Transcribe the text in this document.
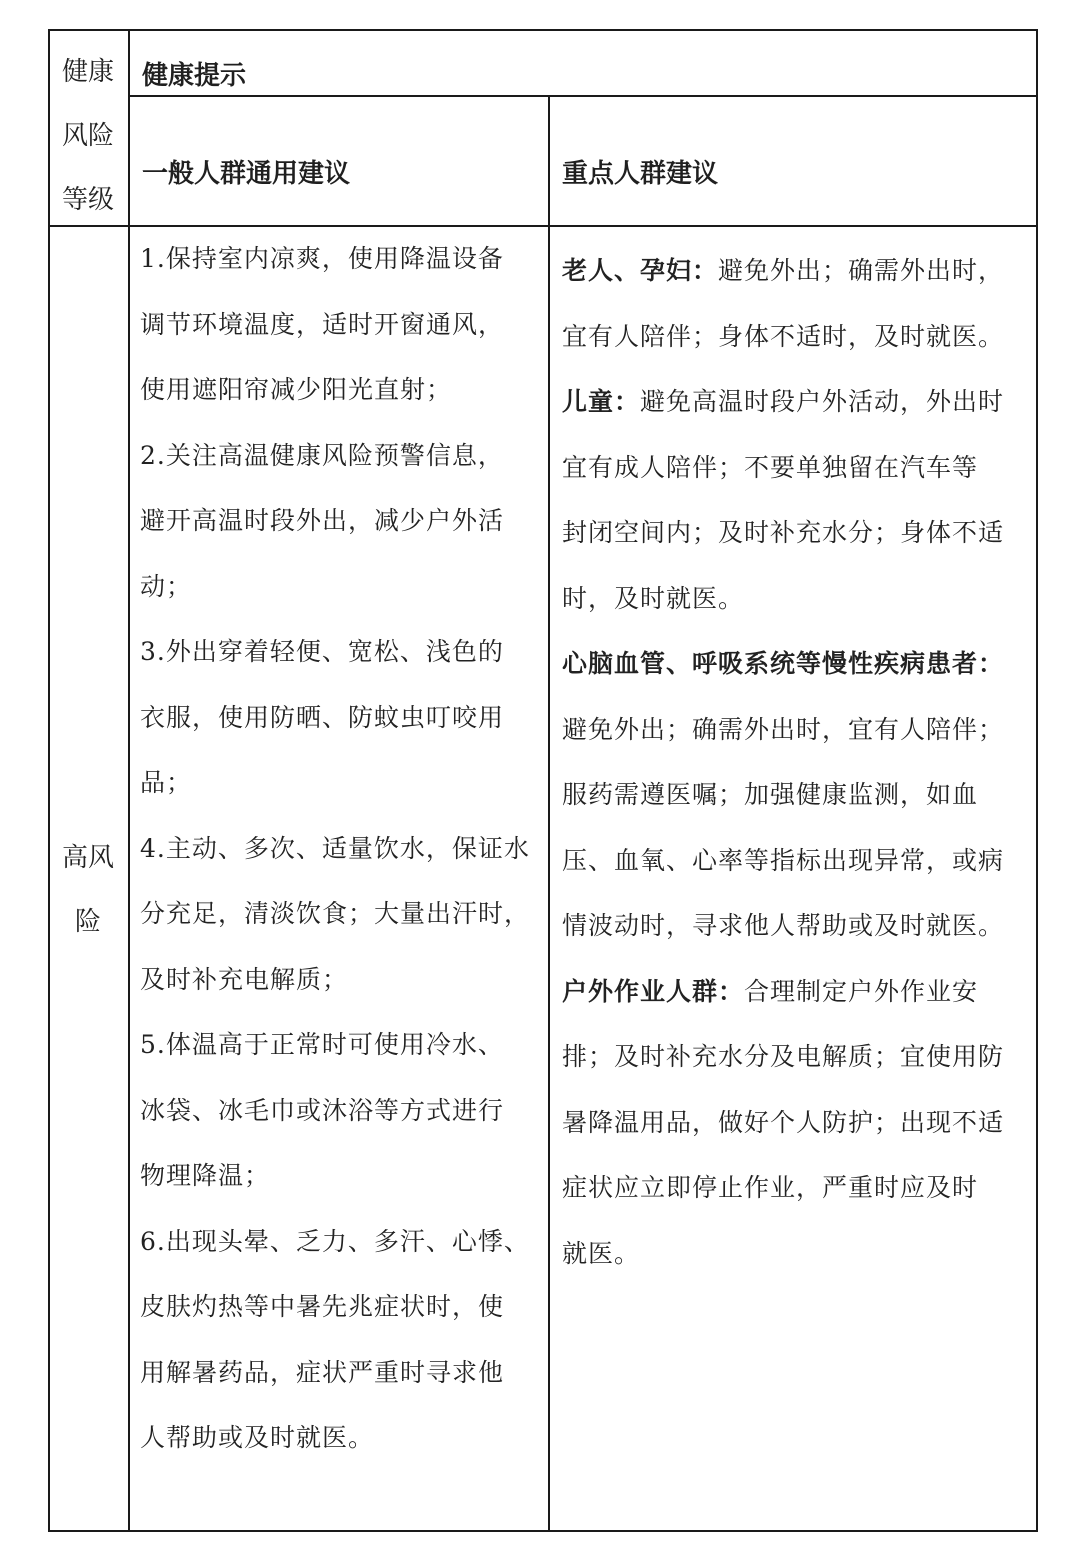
健康
风险
等级
健康提示
一般人群通用建议	重点人群建议
高风
险

1.保持室内凉爽，使用降温设备

调节环境温度，适时开窗通风，

使用遮阳帘减少阳光直射；

2.关注高温健康风险预警信息，

避开高温时段外出，减少户外活

动；

3.外出穿着轻便、宽松、浅色的

衣服，使用防晒、防蚊虫叮咬用

品；

4.主动、多次、适量饮水，保证水

分充足，清淡饮食；大量出汗时，

及时补充电解质；

5.体温高于正常时可使用冷水、

冰袋、冰毛巾或沐浴等方式进行

物理降温；

6.出现头晕、乏力、多汗、心悸、

皮肤灼热等中暑先兆症状时，使

用解暑药品，症状严重时寻求他

人帮助或及时就医。

老人、孕妇：避免外出；确需外出时，

宜有人陪伴；身体不适时，及时就医。

儿童：避免高温时段户外活动，外出时

宜有成人陪伴；不要单独留在汽车等

封闭空间内；及时补充水分；身体不适

时，及时就医。

心脑血管、呼吸系统等慢性疾病患者：

避免外出；确需外出时，宜有人陪伴；

服药需遵医嘱；加强健康监测，如血

压、血氧、心率等指标出现异常，或病

情波动时，寻求他人帮助或及时就医。

户外作业人群：合理制定户外作业安

排；及时补充水分及电解质；宜使用防

暑降温用品，做好个人防护；出现不适

症状应立即停止作业，严重时应及时

就医。
